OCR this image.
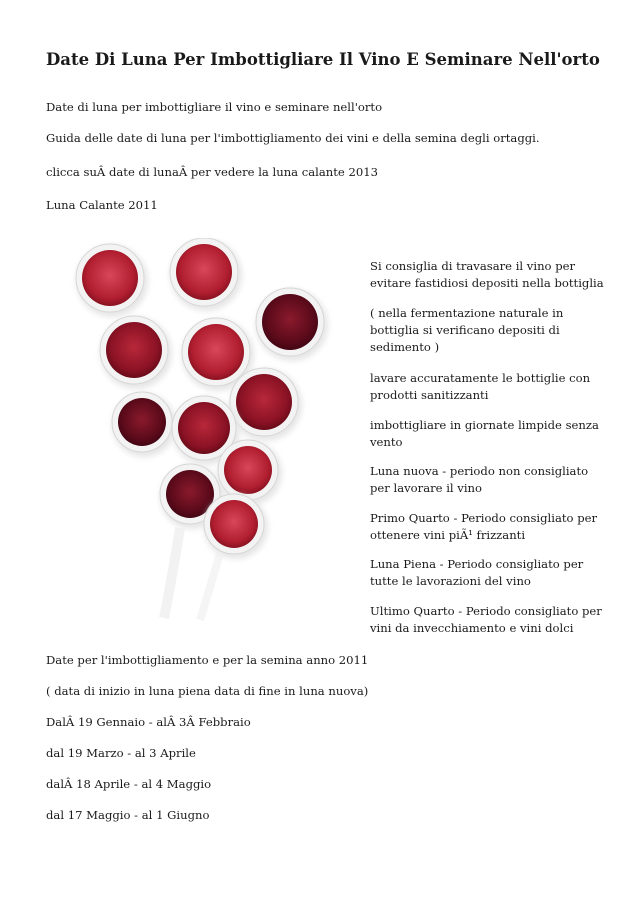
Date Di Luna Per Imbottigliare Il Vino E Seminare Nell'orto

Date di luna per imbottigliare il vino e seminare nell'orto

Guida delle date di luna per l'imbottigliamento dei vini e della semina degli ortaggi.

clicca suÂ date di lunaÂ per vedere la luna calante 2013

Luna Calante 2011

Si consiglia di travasare il vino per evitare fastidiosi depositi nella bottiglia

( nella fermentazione naturale in bottiglia si verificano depositi di sedimento )

lavare accuratamente le bottiglie con prodotti sanitizzanti

imbottigliare in giornate limpide senza vento

Luna nuova - periodo non consigliato per lavorare il vino

Primo Quarto - Periodo consigliato per ottenere vini piÃ¹ frizzanti

Luna Piena - Periodo consigliato per tutte le lavorazioni del vino

Ultimo Quarto - Periodo consigliato per vini da invecchiamento e vini dolci

Date per l'imbottigliamento e per la semina anno 2011

( data di inizio in luna piena data di fine in luna nuova)

DalÂ 19 Gennaio - alÂ 3Â Febbraio

dal 19 Marzo - al 3 Aprile

dalÂ 18 Aprile - al 4 Maggio

dal 17 Maggio - al 1 Giugno
